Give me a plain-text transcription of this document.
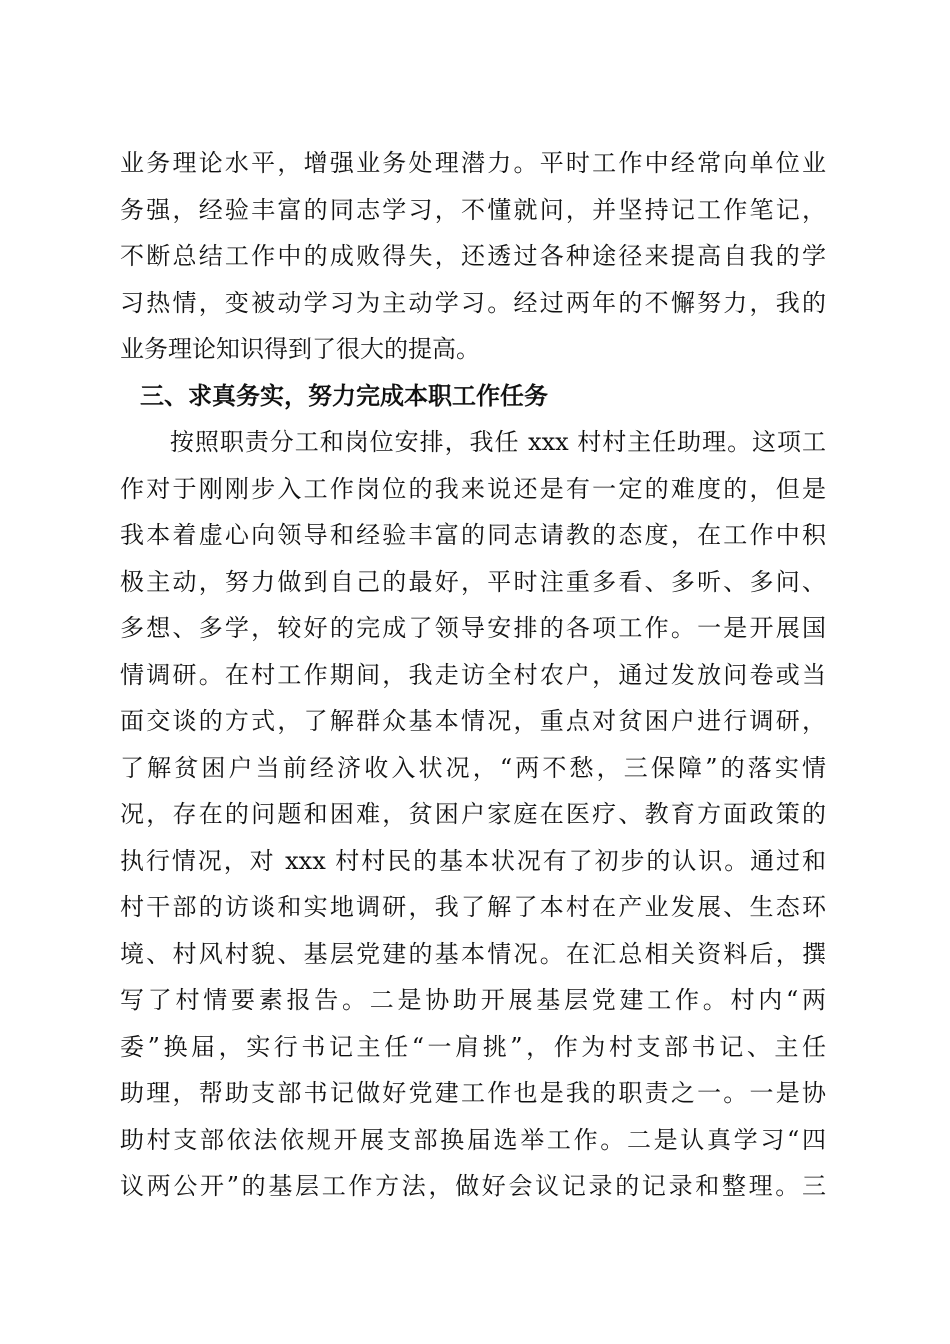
业务理论水平，增强业务处理潜力。平时工作中经常向单位业
务强，经验丰富的同志学习，不懂就问，并坚持记工作笔记，
不断总结工作中的成败得失，还透过各种途径来提高自我的学
习热情，变被动学习为主动学习。经过两年的不懈努力，我的
业务理论知识得到了很大的提高。
三、求真务实，努力完成本职工作任务
　　按照职责分工和岗位安排，我任 xxx 村村主任助理。这项工
作对于刚刚步入工作岗位的我来说还是有一定的难度的，但是
我本着虚心向领导和经验丰富的同志请教的态度，在工作中积
极主动，努力做到自己的最好，平时注重多看、多听、多问、
多想、多学，较好的完成了领导安排的各项工作。一是开展国
情调研。在村工作期间，我走访全村农户，通过发放问卷或当
面交谈的方式，了解群众基本情况，重点对贫困户进行调研，
了解贫困户当前经济收入状况，“两不愁，三保障”的落实情
况，存在的问题和困难，贫困户家庭在医疗、教育方面政策的
执行情况，对 xxx 村村民的基本状况有了初步的认识。通过和
村干部的访谈和实地调研，我了解了本村在产业发展、生态环
境、村风村貌、基层党建的基本情况。在汇总相关资料后，撰
写了村情要素报告。二是协助开展基层党建工作。村内“两
委”换届，实行书记主任“一肩挑”，作为村支部书记、主任
助理，帮助支部书记做好党建工作也是我的职责之一。一是协
助村支部依法依规开展支部换届选举工作。二是认真学习“四
议两公开”的基层工作方法，做好会议记录的记录和整理。三
